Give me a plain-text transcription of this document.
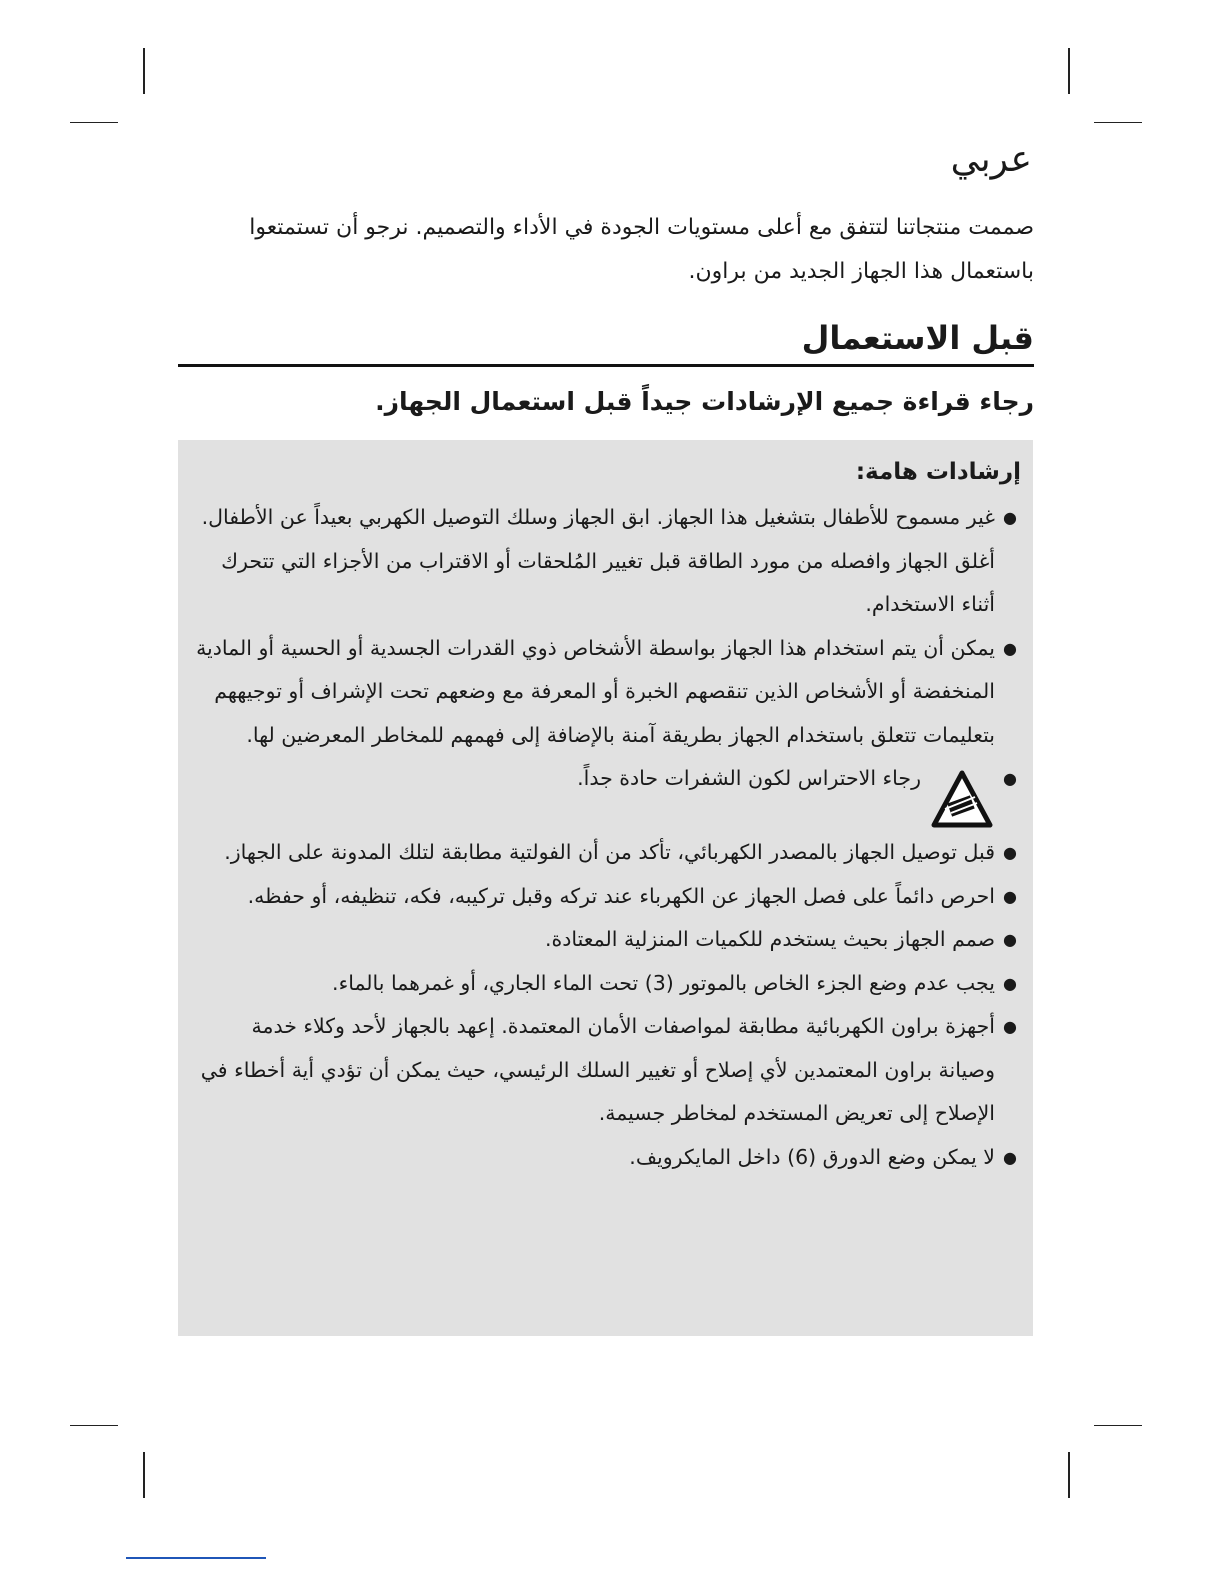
عربي
صممت منتجاتنا لتتفق مع أعلى مستويات الجودة في الأداء والتصميم. نرجو أن تستمتعوا باستعمال هذا الجهاز الجديد من براون.
قبل الاستعمال
رجاء قراءة جميع الإرشادات جيداً قبل استعمال الجهاز.
إرشادات هامة:
●
غير مسموح للأطفال بتشغيل هذا الجهاز. ابق الجهاز وسلك التوصيل الكهربي بعيداً عن الأطفال. أغلق الجهاز وافصله من مورد الطاقة قبل تغيير المُلحقات أو الاقتراب من الأجزاء التي تتحرك أثناء الاستخدام.
●
يمكن أن يتم استخدام هذا الجهاز بواسطة الأشخاص ذوي القدرات الجسدية أو الحسية أو المادية المنخفضة أو الأشخاص الذين تنقصهم الخبرة أو المعرفة مع وضعهم تحت الإشراف أو توجيههم بتعليمات تتعلق باستخدام الجهاز بطريقة آمنة بالإضافة إلى فهمهم للمخاطر المعرضين لها.
●
رجاء الاحتراس لكون الشفرات حادة جداً.
●
قبل توصيل الجهاز بالمصدر الكهربائي، تأكد من أن الفولتية مطابقة لتلك المدونة على الجهاز.
●
احرص دائماً على فصل الجهاز عن الكهرباء عند تركه وقبل تركيبه، فكه، تنظيفه، أو حفظه.
●
صمم الجهاز بحيث يستخدم للكميات المنزلية المعتادة.
●
يجب عدم وضع الجزء الخاص بالموتور (3) تحت الماء الجاري، أو غمرهما بالماء.
●
أجهزة براون الكهربائية مطابقة لمواصفات الأمان المعتمدة. إعهد بالجهاز لأحد وكلاء خدمة وصيانة براون المعتمدين لأي إصلاح أو تغيير السلك الرئيسي، حيث يمكن أن تؤدي أية أخطاء في الإصلاح إلى تعريض المستخدم لمخاطر جسيمة.
●
لا يمكن وضع الدورق (6) داخل المايكرويف.
